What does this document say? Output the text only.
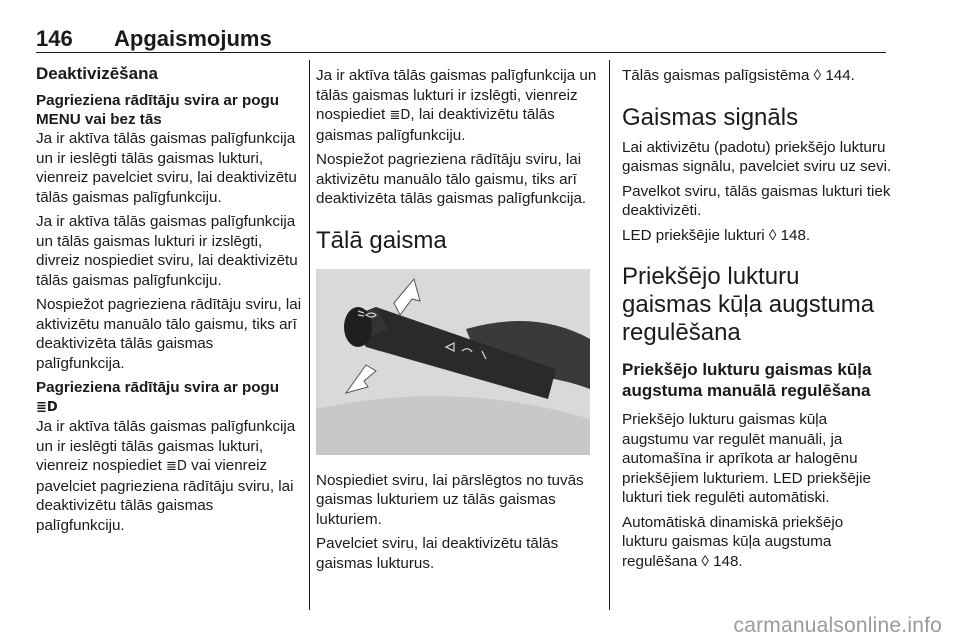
146 Apgaismojums
Deaktivizēšana
Pagrieziena rādītāju svira ar pogu MENU vai bez tās

Ja ir aktīva tālās gaismas palīgfunkcija un ir ieslēgti tālās gaismas lukturi, vienreiz pavelciet sviru, lai deaktivizētu tālās gaismas palīgfunkciju.

Ja ir aktīva tālās gaismas palīgfunkcija un tālās gaismas lukturi ir izslēgti, divreiz nospiediet sviru, lai deaktivizētu tālās gaismas palīgfunkciju.

Nospiežot pagrieziena rādītāju sviru, lai aktivizētu manuālo tālo gaismu, tiks arī deaktivizēta tālās gaismas palīgfunkcija.

Pagrieziena rādītāju svira ar pogu
≣D

Ja ir aktīva tālās gaismas palīgfunkcija un ir ieslēgti tālās gaismas lukturi, vienreiz nospiediet ≣D vai vienreiz pavelciet pagrieziena rādītāju sviru, lai deaktivizētu tālās gaismas palīgfunkciju.

Ja ir aktīva tālās gaismas palīgfunkcija un tālās gaismas lukturi ir izslēgti, vienreiz nospiediet ≣D, lai deaktivizētu tālās gaismas palīgfunkciju.

Nospiežot pagrieziena rādītāju sviru, lai aktivizētu manuālo tālo gaismu, tiks arī deaktivizēta tālās gaismas palīgfunkcija.

Tālā gaisma

Nospiediet sviru, lai pārslēgtos no tuvās gaismas lukturiem uz tālās gaismas lukturiem.

Pavelciet sviru, lai deaktivizētu tālās gaismas lukturus.

Tālās gaismas palīgsistēma ◊ 144.

Gaismas signāls

Lai aktivizētu (padotu) priekšējo lukturu gaismas signālu, pavelciet sviru uz sevi.

Pavelkot sviru, tālās gaismas lukturi tiek deaktivizēti.

LED priekšējie lukturi ◊ 148.

Priekšējo lukturu gaismas kūļa augstuma regulēšana
Priekšējo lukturu gaismas kūļa augstuma manuālā regulēšana

Priekšējo lukturu gaismas kūļa augstumu var regulēt manuāli, ja automašīna ir aprīkota ar halogēnu priekšējiem lukturiem. LED priekšējie lukturi tiek regulēti automātiski.

Automātiskā dinamiskā priekšējo lukturu gaismas kūļa augstuma regulēšana ◊ 148.

carmanualsonline.info
